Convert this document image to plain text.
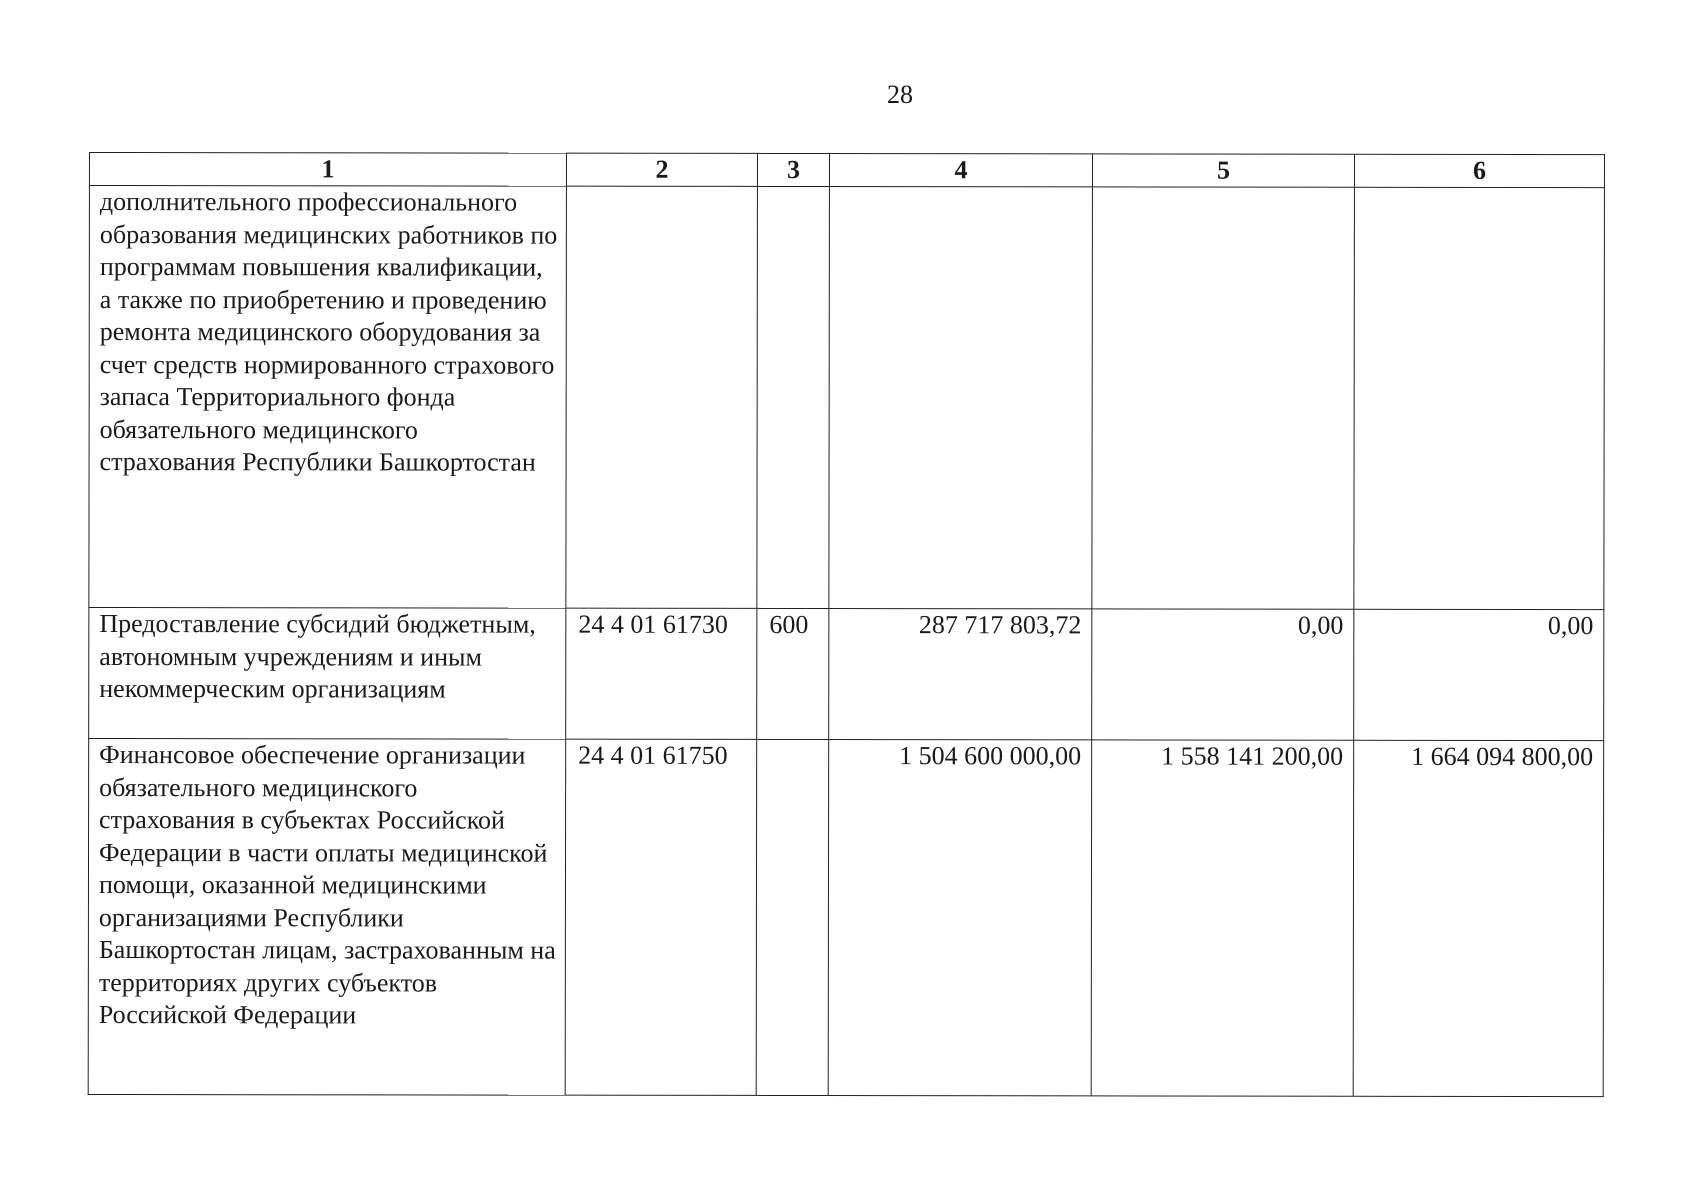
28
1	2	3	4	5	6
дополнительного профессионального образования медицинских работников по программам повышения квалификации, а также по приобретению и проведению ремонта медицинского оборудования за счет средств нормированного страхового запаса Территориального фонда обязательного медицинского страхования Республики Башкортостан					
Предоставление субсидий бюджетным, автономным учреждениям и иным некоммерческим организациям	24 4 01 61730	600	287 717 803,72	0,00	0,00
Финансовое обеспечение организации обязательного медицинского страхования в субъектах Российской Федерации в части оплаты медицинской помощи, оказанной медицинскими организациями Республики Башкортостан лицам, застрахованным на территориях других субъектов Российской Федерации	24 4 01 61750		1 504 600 000,00	1 558 141 200,00	1 664 094 800,00
